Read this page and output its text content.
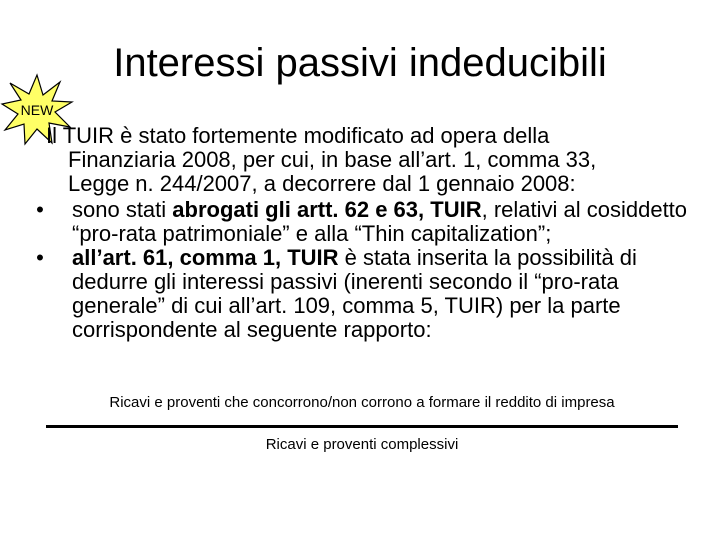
Interessi passivi indeducibili
NEW
Il TUIR è stato fortemente modificato ad opera della
Finanziaria 2008, per cui, in base all’art. 1, comma 33,
Legge n. 244/2007, a decorrere dal 1 gennaio 2008:
• sono stati abrogati gli artt. 62 e 63, TUIR, relativi al cosiddetto “pro-rata patrimoniale” e alla “Thin capitalization”;
• all’art. 61, comma 1, TUIR è stata inserita la possibilità di dedurre gli interessi passivi (inerenti secondo il “pro-rata generale” di cui all’art. 109, comma 5, TUIR) per la parte corrispondente al seguente rapporto:
Ricavi e proventi che concorrono/non corrono a formare il reddito di impresa
Ricavi e proventi complessivi
